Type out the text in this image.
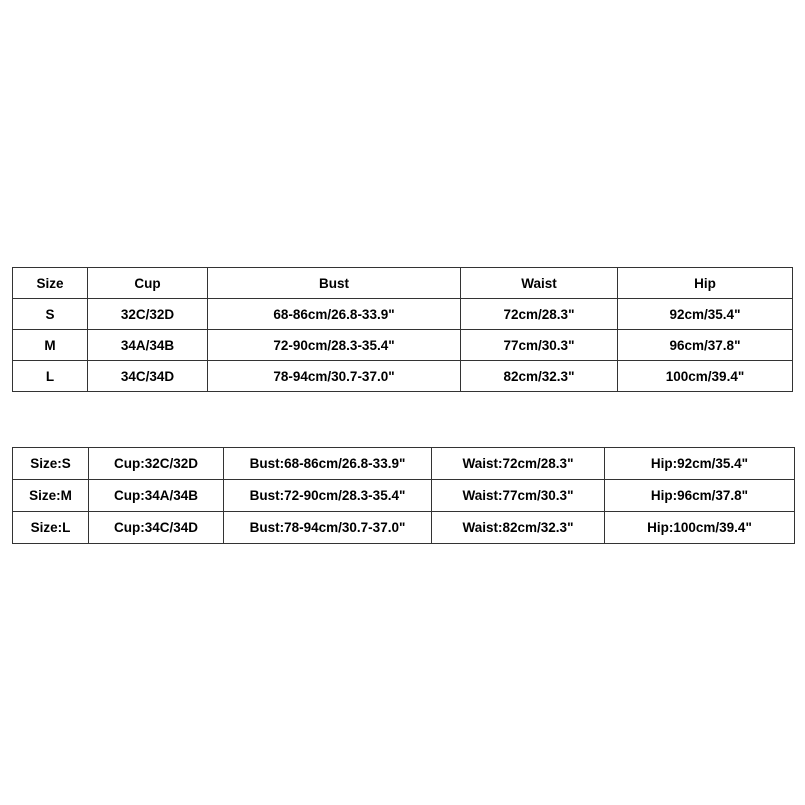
Size	Cup	Bust	Waist	Hip
S	32C/32D	68-86cm/26.8-33.9"	72cm/28.3"	92cm/35.4"
M	34A/34B	72-90cm/28.3-35.4"	77cm/30.3"	96cm/37.8"
L	34C/34D	78-94cm/30.7-37.0"	82cm/32.3"	100cm/39.4"
Size:S	Cup:32C/32D	Bust:68-86cm/26.8-33.9"	Waist:72cm/28.3"	Hip:92cm/35.4"
Size:M	Cup:34A/34B	Bust:72-90cm/28.3-35.4"	Waist:77cm/30.3"	Hip:96cm/37.8"
Size:L	Cup:34C/34D	Bust:78-94cm/30.7-37.0"	Waist:82cm/32.3"	Hip:100cm/39.4"
